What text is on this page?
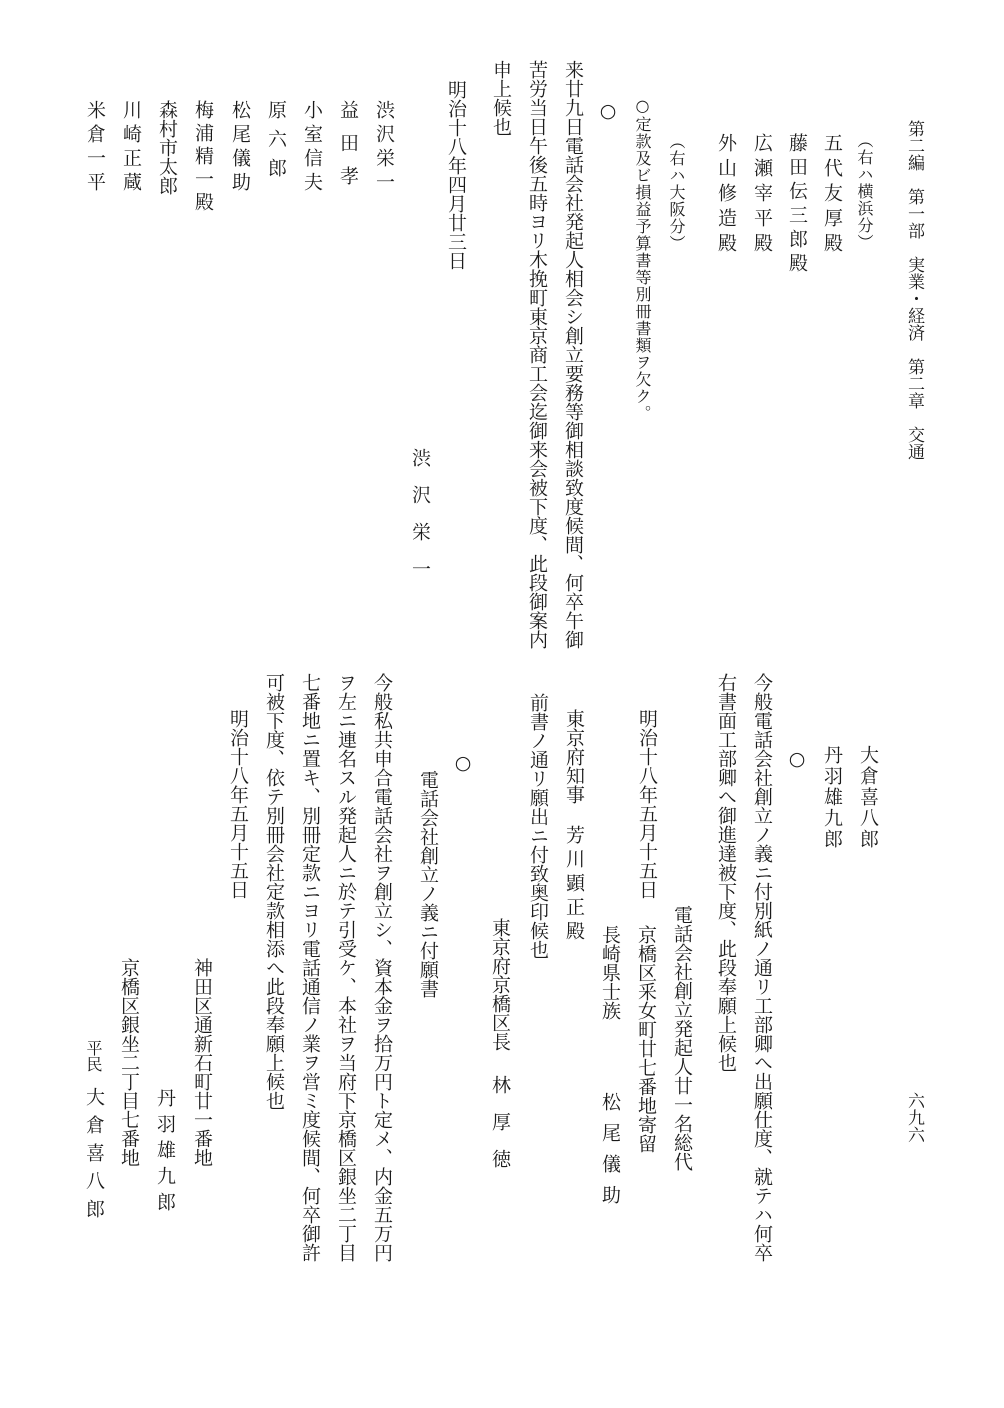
第二編　第一部　実業・経済　第二章　交通
六九六
（右ハ横浜分）
五代友厚殿
藤田伝三郎殿
広瀬宰平殿
外山修造殿
（右ハ大阪分）
○定款及ビ損益予算書等別冊書類ヲ欠ク。
○
来廿九日電話会社発起人相会シ創立要務等御相談致度候間、何卒午御
苦労当日午後五時ヨリ木挽町東京商工会迄御来会被下度、此段御案内
申上候也
明治十八年四月廿三日
渋沢栄一
渋沢栄一
益田孝
小室信夫
原六郎
松尾儀助
梅浦精一殿
森村市太郎
川崎正蔵
米倉一平
大倉喜八郎
丹羽雄九郎
○
今般電話会社創立ノ義ニ付別紙ノ通リ工部卿へ出願仕度、就テハ何卒
右書面工部卿へ御進達被下度、此段奉願上候也
電話会社創立発起人廿一名総代
京橋区釆女町廿七番地寄留
長崎県士族
松尾儀助
明治十八年五月十五日
東京府知事
芳川顕正殿
前書ノ通リ願出ニ付致奥印候也
東京府京橋区長
林厚徳
○
電話会社創立ノ義ニ付願書
今般私共申合電話会社ヲ創立シ、資本金ヲ拾万円ト定メ、内金五万円
ヲ左ニ連名スル発起人ニ於テ引受ケ、本社ヲ当府下京橋区銀坐二丁目
七番地ニ置キ、別冊定款ニヨリ電話通信ノ業ヲ営ミ度候間、何卒御許
可被下度、依テ別冊会社定款相添へ此段奉願上候也
明治十八年五月十五日
神田区通新石町廿一番地
丹羽雄九郎
京橋区銀坐二丁目七番地
平民
大倉喜八郎
